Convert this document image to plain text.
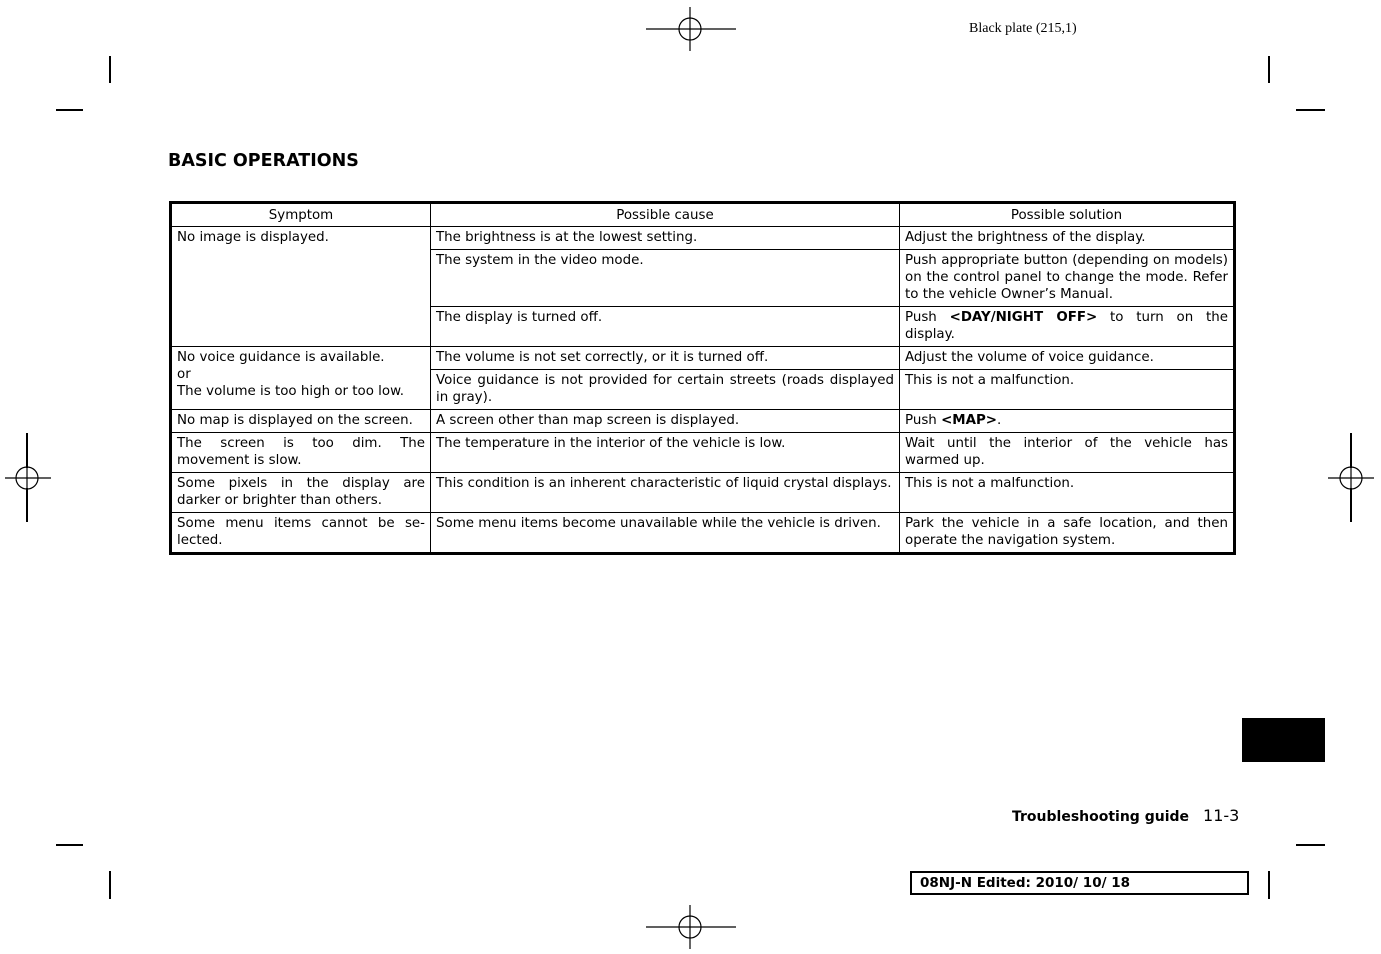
Black plate (215,1)
BASIC OPERATIONS
Symptom	Possible cause	Possible solution
No image is displayed.	The brightness is at the lowest setting.	Adjust the brightness of the display.
	The system in the video mode.	Push appropriate button (depending on models) on the control panel to change the mode. Refer to the vehicle Owner’s Manual.
	The display is turned off.	Push <DAY/NIGHT OFF> to turn on the display.
No voice guidance is available.
or
The volume is too high or too low.	The volume is not set correctly, or it is turned off.	Adjust the volume of voice guidance.
	Voice guidance is not provided for certain streets (roads displayed in gray).	This is not a malfunction.
No map is displayed on the screen.	A screen other than map screen is displayed.	Push <MAP>.
The screen is too dim. The movement is slow.	The temperature in the interior of the vehicle is low.	Wait until the interior of the vehicle has warmed up.
Some pixels in the display are darker or brighter than others.	This condition is an inherent characteristic of liquid crystal displays.	This is not a malfunction.
Some menu items cannot be se-lected.	Some menu items become unavailable while the vehicle is driven.	Park the vehicle in a safe location, and then operate the navigation system.
Troubleshooting guide 11-3
08NJ-N Edited: 2010/ 10/ 18
